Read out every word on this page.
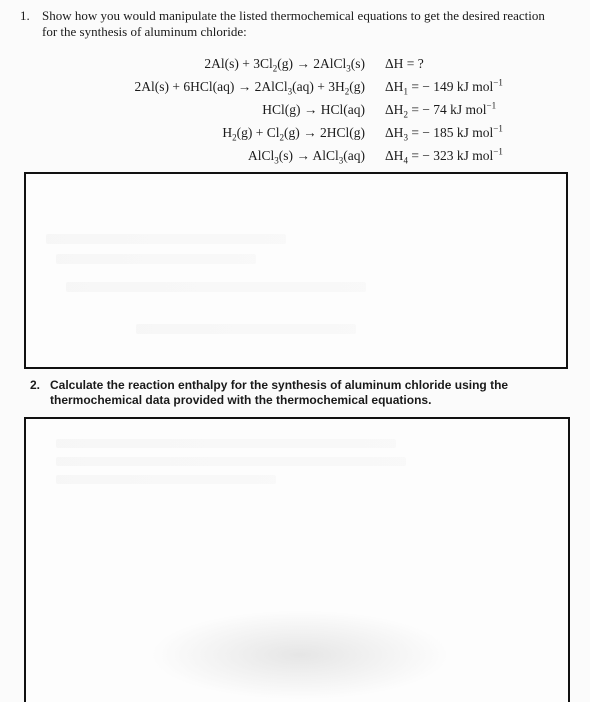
1. Show how you would manipulate the listed thermochemical equations to get the desired reaction for the synthesis of aluminum chloride:
$2Al(s) + 3Cl_2(g)$ → 2AlCl$_3$(s) ΔH = ?
2Al(s) + 6HCl(aq) → 2AlCl$_3$(aq) + $3H_2(g) \Delta H_1$ = − 149 kJ mol$^{-1}$
HCl(g) → HCl(aq) $\Delta H_2$ = − 74 kJ mol$^{-1}$
$H_2(g) + Cl_2(g) \to 2HCl(g) \Delta H_3$ = − 185 kJ mol$^{-1}$
AlCl$_3$(s) → AlCl$_3$(aq) $\Delta H_4$ = − 323 kJ mol$^{-1}$
2. Calculate the reaction enthalpy for the synthesis of aluminum chloride using the thermochemical data provided with the thermochemical equations.
